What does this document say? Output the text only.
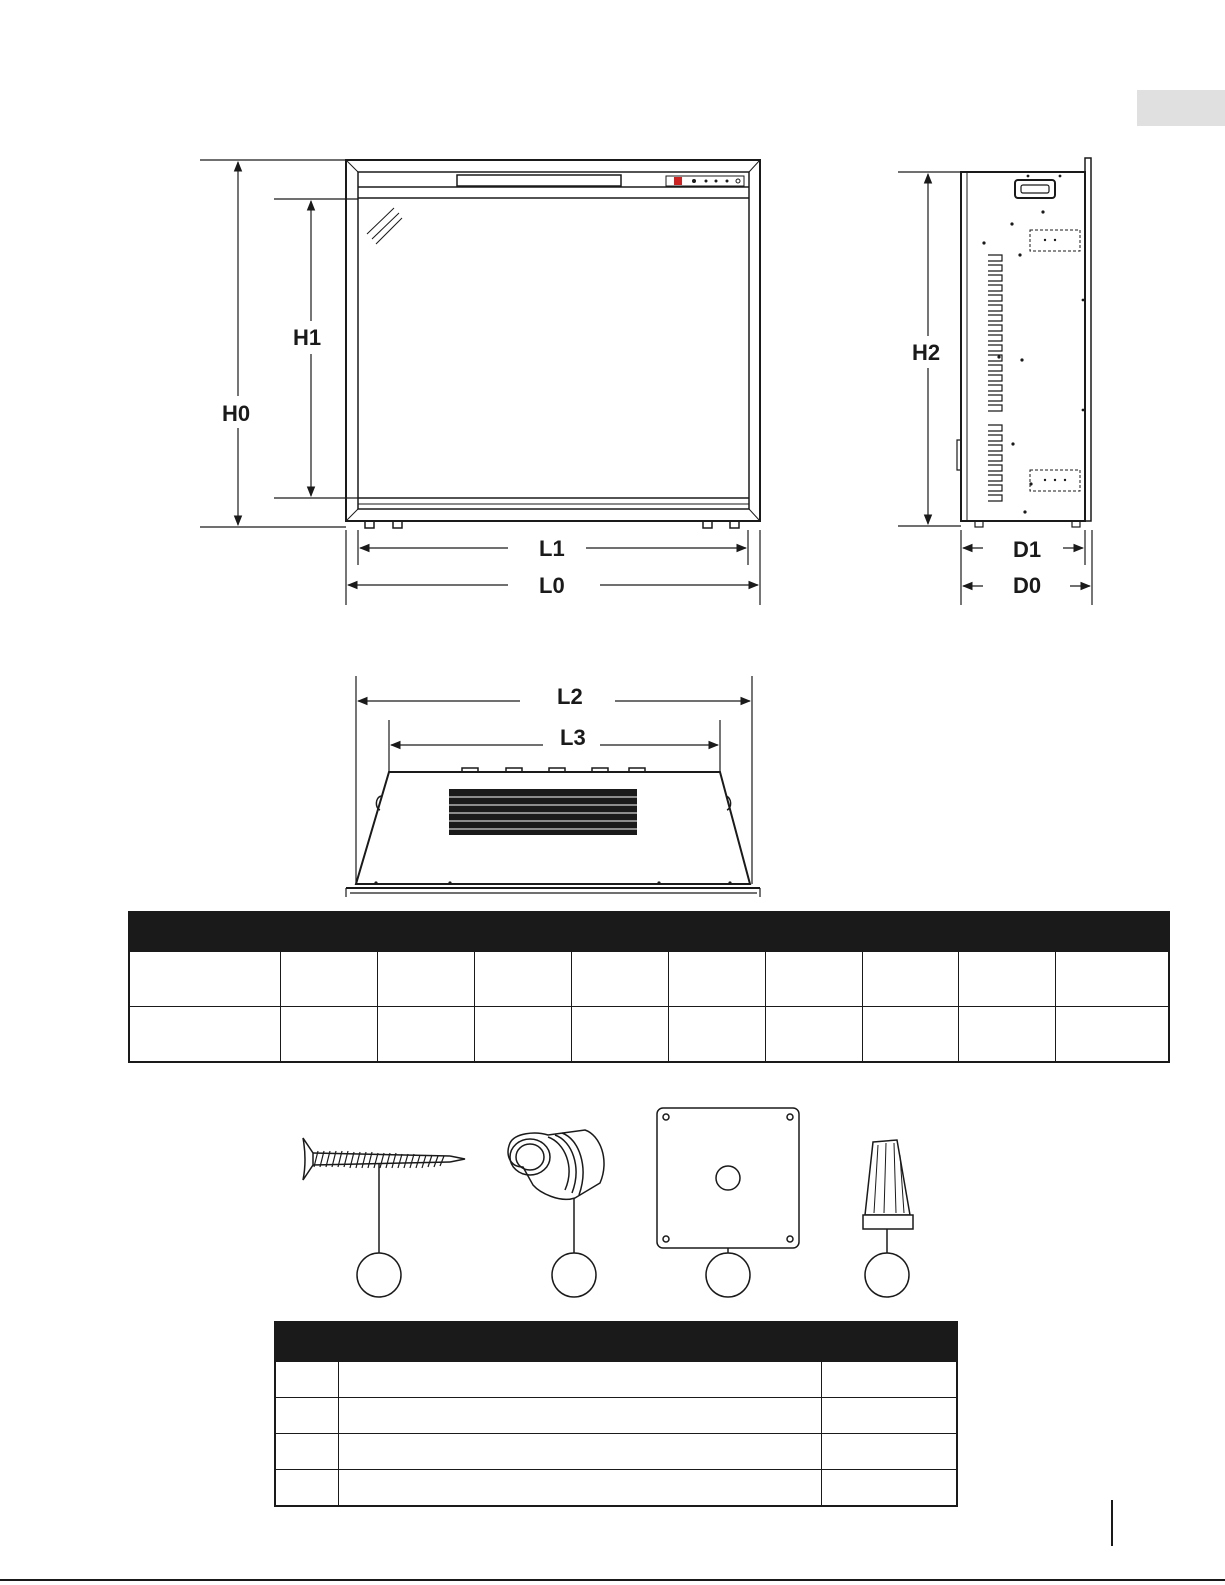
H0
H1
L1
L0
H2
D1
D0
L2
L3
